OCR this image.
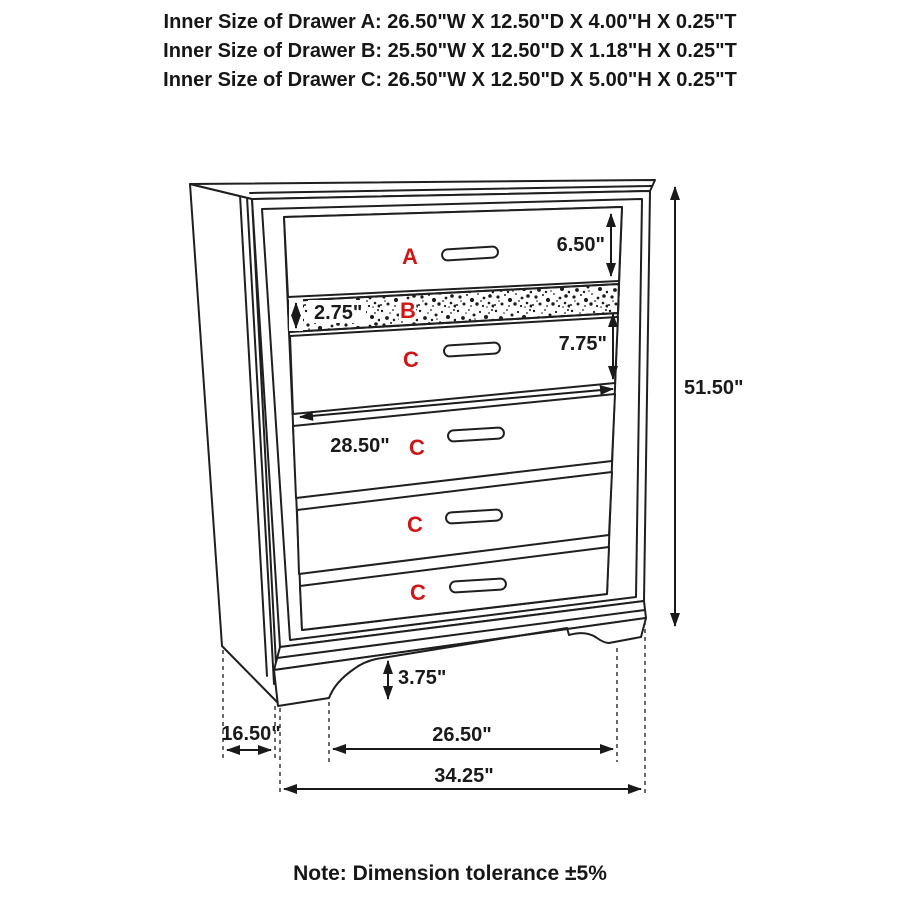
Inner Size of Drawer A: 26.50"W X 12.50"D X 4.00"H X 0.25"T
Inner Size of Drawer B: 25.50"W X 12.50"D X 1.18"H X 0.25"T
Inner Size of Drawer C: 26.50"W X 12.50"D X 5.00"H X 0.25"T
A
B
C
C
C
C
6.50"
2.75"
7.75"
51.50"
28.50"
3.75"
16.50"	26.50"
34.25"
Note: Dimension tolerance ±5%
